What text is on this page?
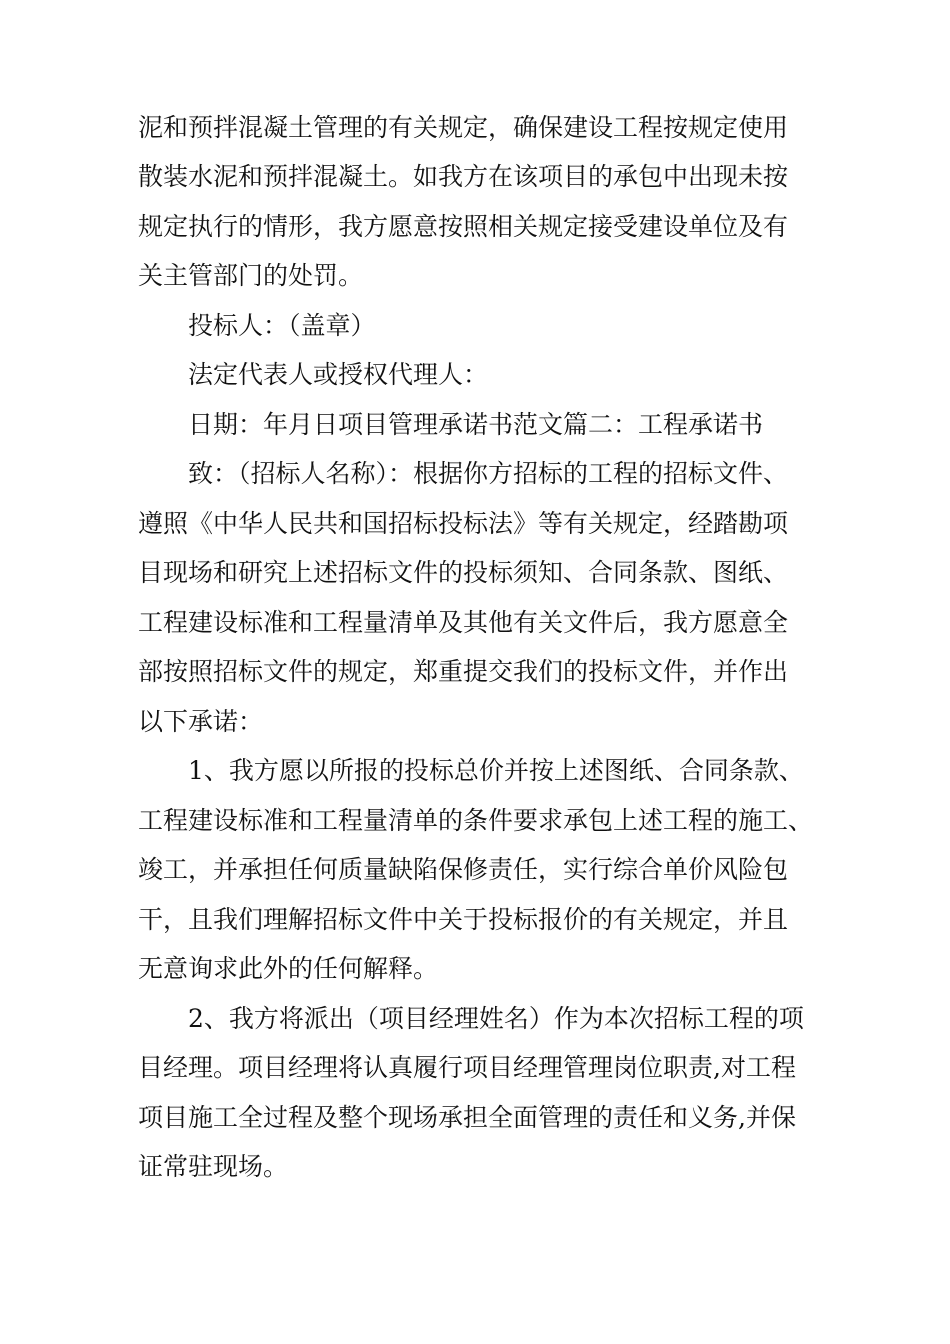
泥和预拌混凝土管理的有关规定，确保建设工程按规定使用
散装水泥和预拌混凝土。如我方在该项目的承包中出现未按
规定执行的情形，我方愿意按照相关规定接受建设单位及有
关主管部门的处罚。
投标人：（盖章）
法定代表人或授权代理人：
日期：年月日项目管理承诺书范文篇二：工程承诺书
致：（招标人名称）：根据你方招标的工程的招标文件、
遵照《中华人民共和国招标投标法》等有关规定，经踏勘项
目现场和研究上述招标文件的投标须知、合同条款、图纸、
工程建设标准和工程量清单及其他有关文件后，我方愿意全
部按照招标文件的规定，郑重提交我们的投标文件，并作出
以下承诺：
1、我方愿以所报的投标总价并按上述图纸、合同条款、
工程建设标准和工程量清单的条件要求承包上述工程的施工、
竣工，并承担任何质量缺陷保修责任，实行综合单价风险包
干，且我们理解招标文件中关于投标报价的有关规定，并且
无意询求此外的任何解释。
2、我方将派出（项目经理姓名）作为本次招标工程的项
目经理。项目经理将认真履行项目经理管理岗位职责,对工程
项目施工全过程及整个现场承担全面管理的责任和义务,并保
证常驻现场。
